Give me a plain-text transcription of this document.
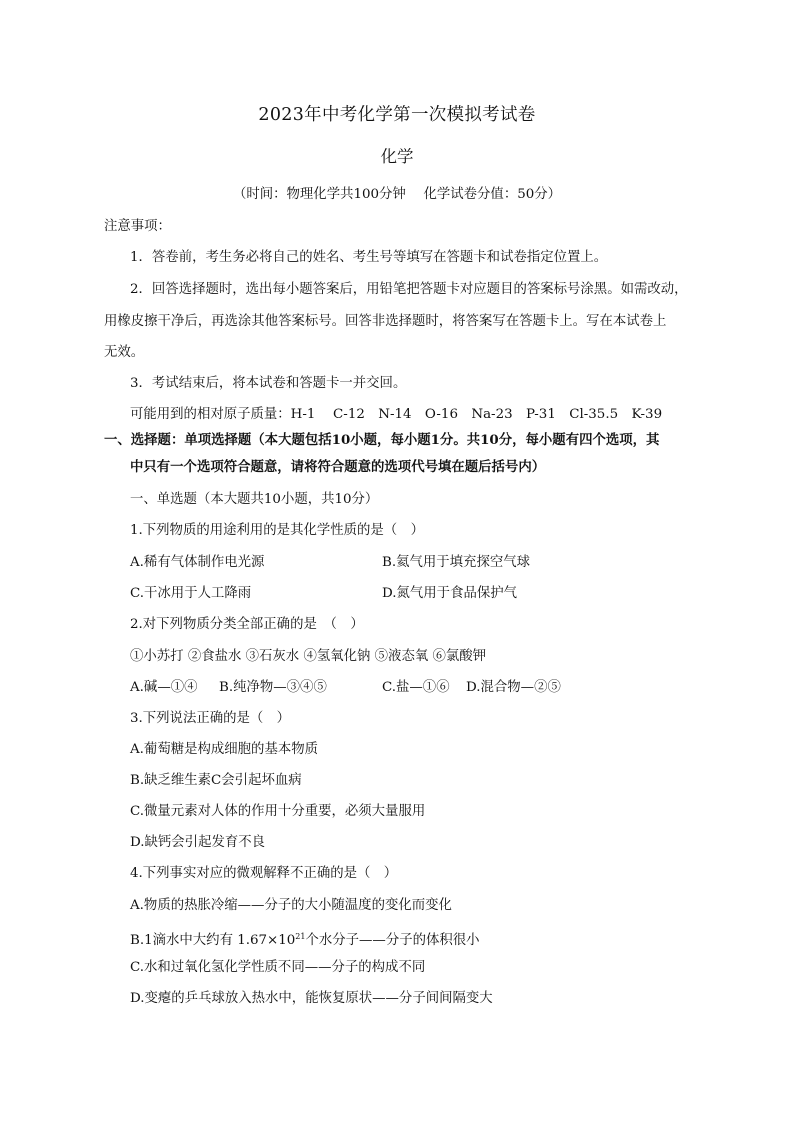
2023年中考化学第一次模拟考试卷
化学
（时间：物理化学共100分钟　 化学试卷分值：50分）
注意事项：
1．答卷前，考生务必将自己的姓名、考生号等填写在答题卡和试卷指定位置上。
2．回答选择题时，选出每小题答案后，用铅笔把答题卡对应题目的答案标号涂黑。如需改动，
用橡皮擦干净后，再选涂其他答案标号。回答非选择题时，将答案写在答题卡上。写在本试卷上
无效。
3．考试结束后，将本试卷和答题卡一并交回。
可能用到的相对原子质量：H-1　 C-12　N-14　O-16　Na-23　P-31　Cl-35.5　K-39
一、选择题：单项选择题（本大题包括10小题，每小题1分。共10分，每小题有四个选项，其
中只有一个选项符合题意，请将符合题意的选项代号填在题后括号内）
一、单选题（本大题共10小题，共10分）
1.下列物质的用途利用的是其化学性质的是（　）
A.稀有气体制作电光源	B.氦气用于填充探空气球
C.干冰用于人工降雨	D.氮气用于食品保护气
2.对下列物质分类全部正确的是　（　）
①小苏打 ②食盐水 ③石灰水 ④氢氧化钠 ⑤液态氧 ⑥氯酸钾
A.碱—①④ B.纯净物—③④⑤	C.盐—①⑥ D.混合物—②⑤
3.下列说法正确的是（　）
A.葡萄糖是构成细胞的基本物质
B.缺乏维生素C会引起坏血病
C.微量元素对人体的作用十分重要，必须大量服用
D.缺钙会引起发育不良
4.下列事实对应的微观解释不正确的是（　）
A.物质的热胀冷缩——分子的大小随温度的变化而变化
B.1滴水中大约有 $1.67\times 10^{21}$个水分子——分子的体积很小
C.水和过氧化氢化学性质不同——分子的构成不同
D.变瘪的乒乓球放入热水中，能恢复原状——分子间间隔变大
